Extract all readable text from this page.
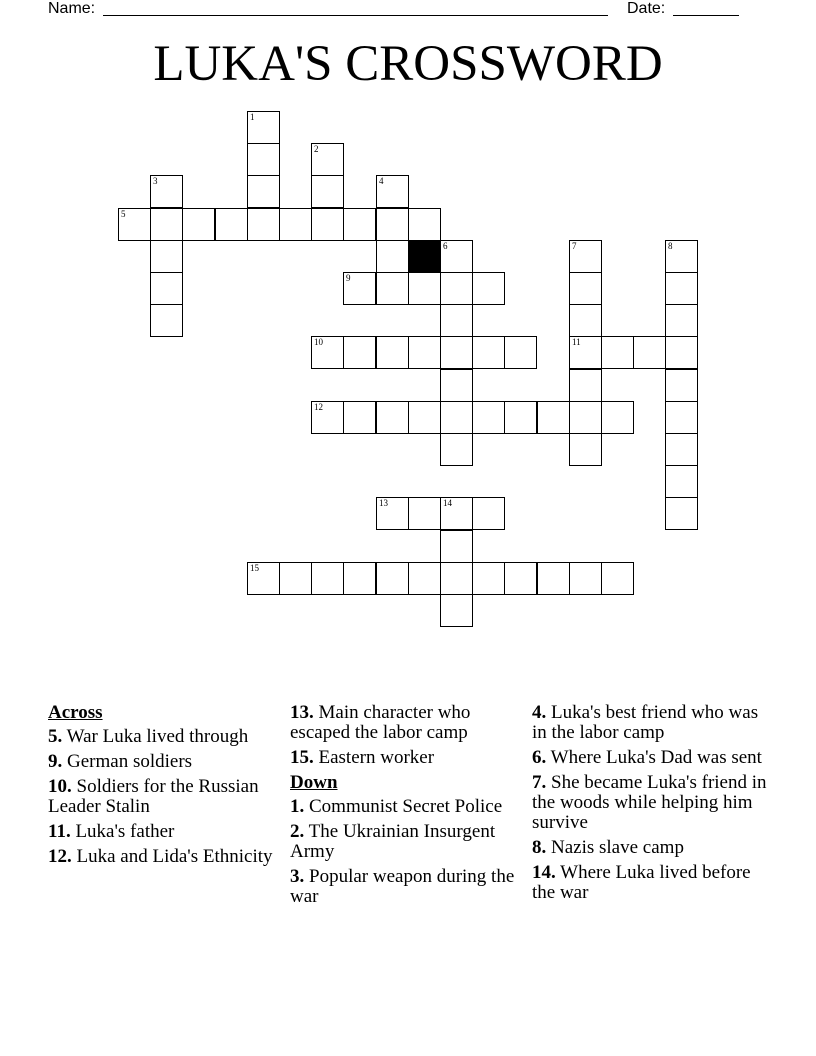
Name:	Date:
LUKA'S CROSSWORD
5
9
10	11
12
13	14
15
1
2
3	4
6	7	8
Across
5. War Luka lived through
9. German soldiers
10. Soldiers for the Russian Leader Stalin
11. Luka's father
12. Luka and Lida's Ethnicity
13. Main character who escaped the labor camp
15. Eastern worker
Down
1. Communist Secret Police
2. The Ukrainian Insurgent Army
3. Popular weapon during the war
4. Luka's best friend who was in the labor camp
6. Where Luka's Dad was sent
7. She became Luka's friend in the woods while helping him survive
8. Nazis slave camp
14. Where Luka lived before the war
